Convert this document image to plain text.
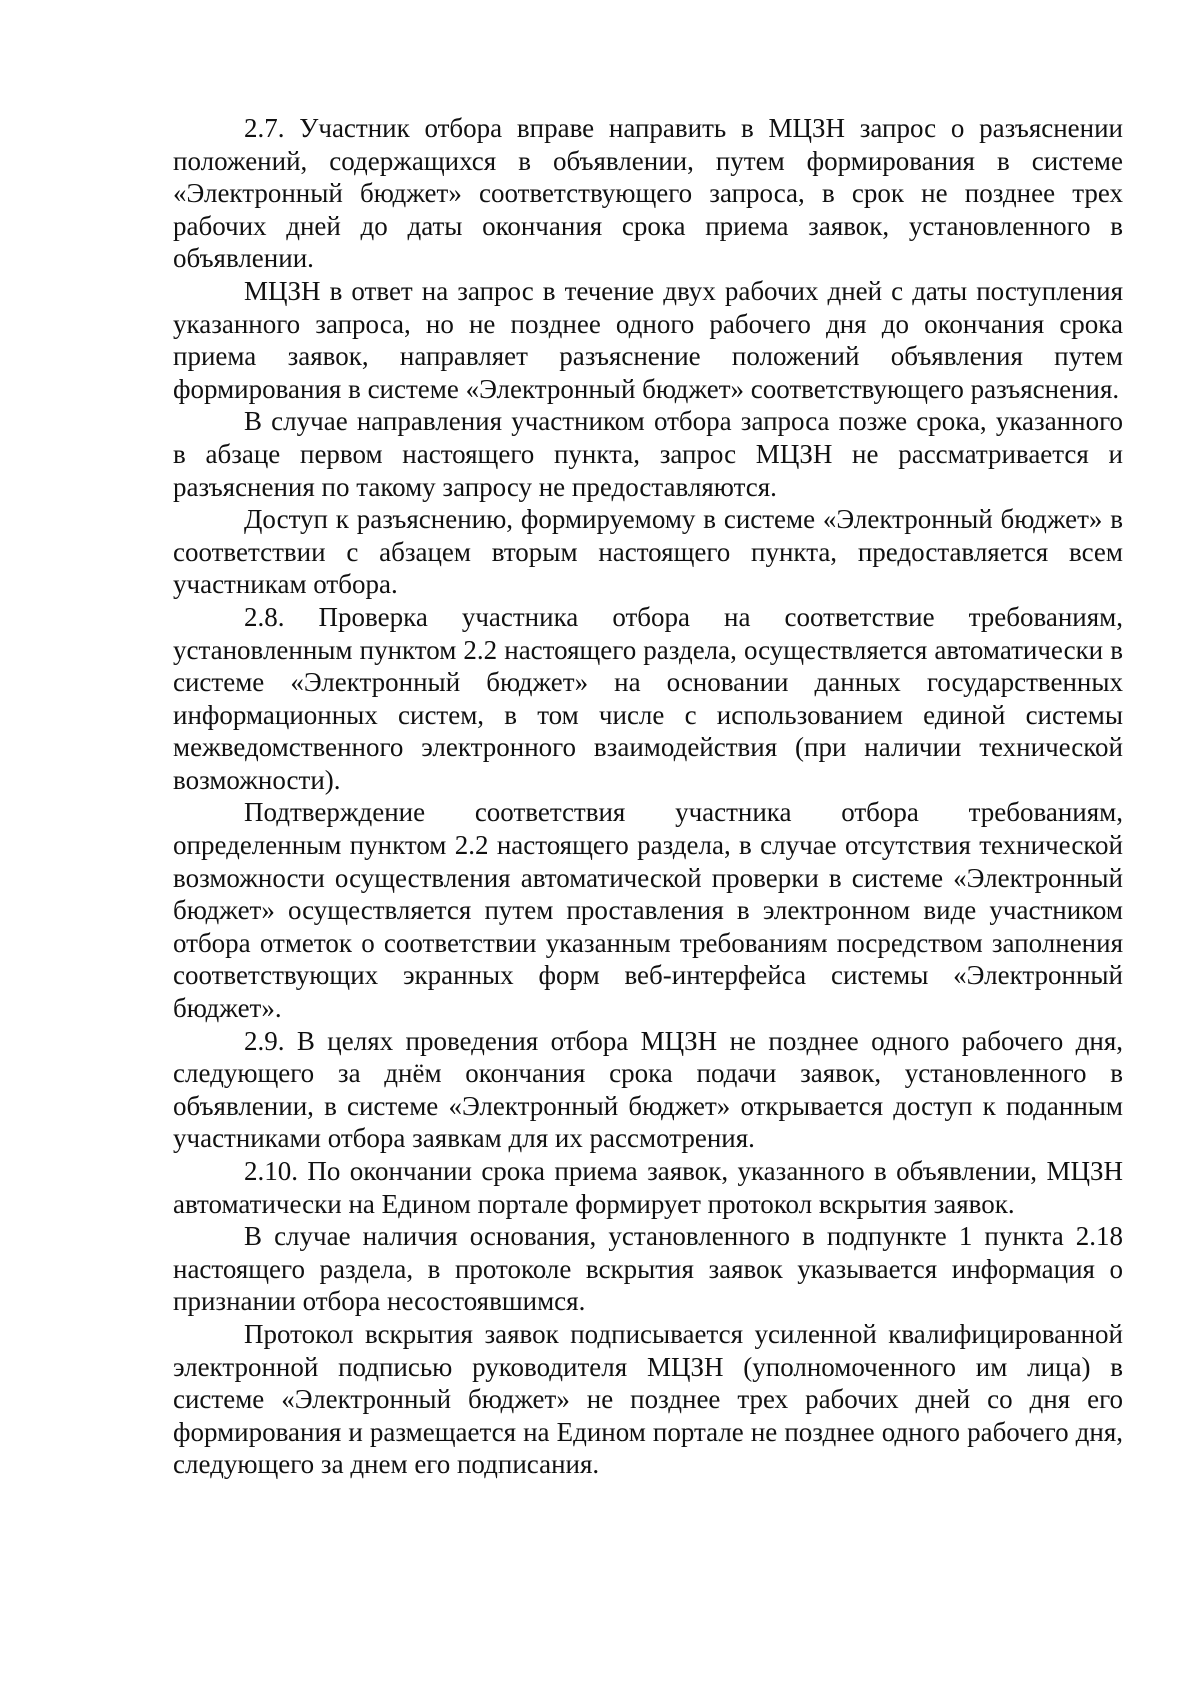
2.7. Участник отбора вправе направить в МЦЗН запрос о разъяснении положений, содержащихся в объявлении, путем формирования в системе «Электронный бюджет» соответствующего запроса, в срок не позднее трех рабочих дней до даты окончания срока приема заявок, установленного в объявлении.

МЦЗН в ответ на запрос в течение двух рабочих дней с даты поступления указанного запроса, но не позднее одного рабочего дня до окончания срока приема заявок, направляет разъяснение положений объявления путем формирования в системе «Электронный бюджет» соответствующего разъяснения.

В случае направления участником отбора запроса позже срока, указанного в абзаце первом настоящего пункта, запрос МЦЗН не рассматривается и разъяснения по такому запросу не предоставляются.

Доступ к разъяснению, формируемому в системе «Электронный бюджет» в соответствии с абзацем вторым настоящего пункта, предоставляется всем участникам отбора.

2.8. Проверка участника отбора на соответствие требованиям, установленным пунктом 2.2 настоящего раздела, осуществляется автоматически в системе «Электронный бюджет» на основании данных государственных информационных систем, в том числе с использованием единой системы межведомственного электронного взаимодействия (при наличии технической возможности).

Подтверждение соответствия участника отбора требованиям, определенным пунктом 2.2 настоящего раздела, в случае отсутствия технической возможности осуществления автоматической проверки в системе «Электронный бюджет» осуществляется путем проставления в электронном виде участником отбора отметок о соответствии указанным требованиям посредством заполнения соответствующих экранных форм веб-интерфейса системы «Электронный бюджет».

2.9. В целях проведения отбора МЦЗН не позднее одного рабочего дня, следующего за днём окончания срока подачи заявок, установленного в объявлении, в системе «Электронный бюджет» открывается доступ к поданным участниками отбора заявкам для их рассмотрения.

2.10. По окончании срока приема заявок, указанного в объявлении, МЦЗН автоматически на Едином портале формирует протокол вскрытия заявок.

В случае наличия основания, установленного в подпункте 1 пункта 2.18 настоящего раздела, в протоколе вскрытия заявок указывается информация о признании отбора несостоявшимся.

Протокол вскрытия заявок подписывается усиленной квалифицированной электронной подписью руководителя МЦЗН (уполномоченного им лица) в системе «Электронный бюджет» не позднее трех рабочих дней со дня его формирования и размещается на Едином портале не позднее одного рабочего дня, следующего за днем его подписания.
